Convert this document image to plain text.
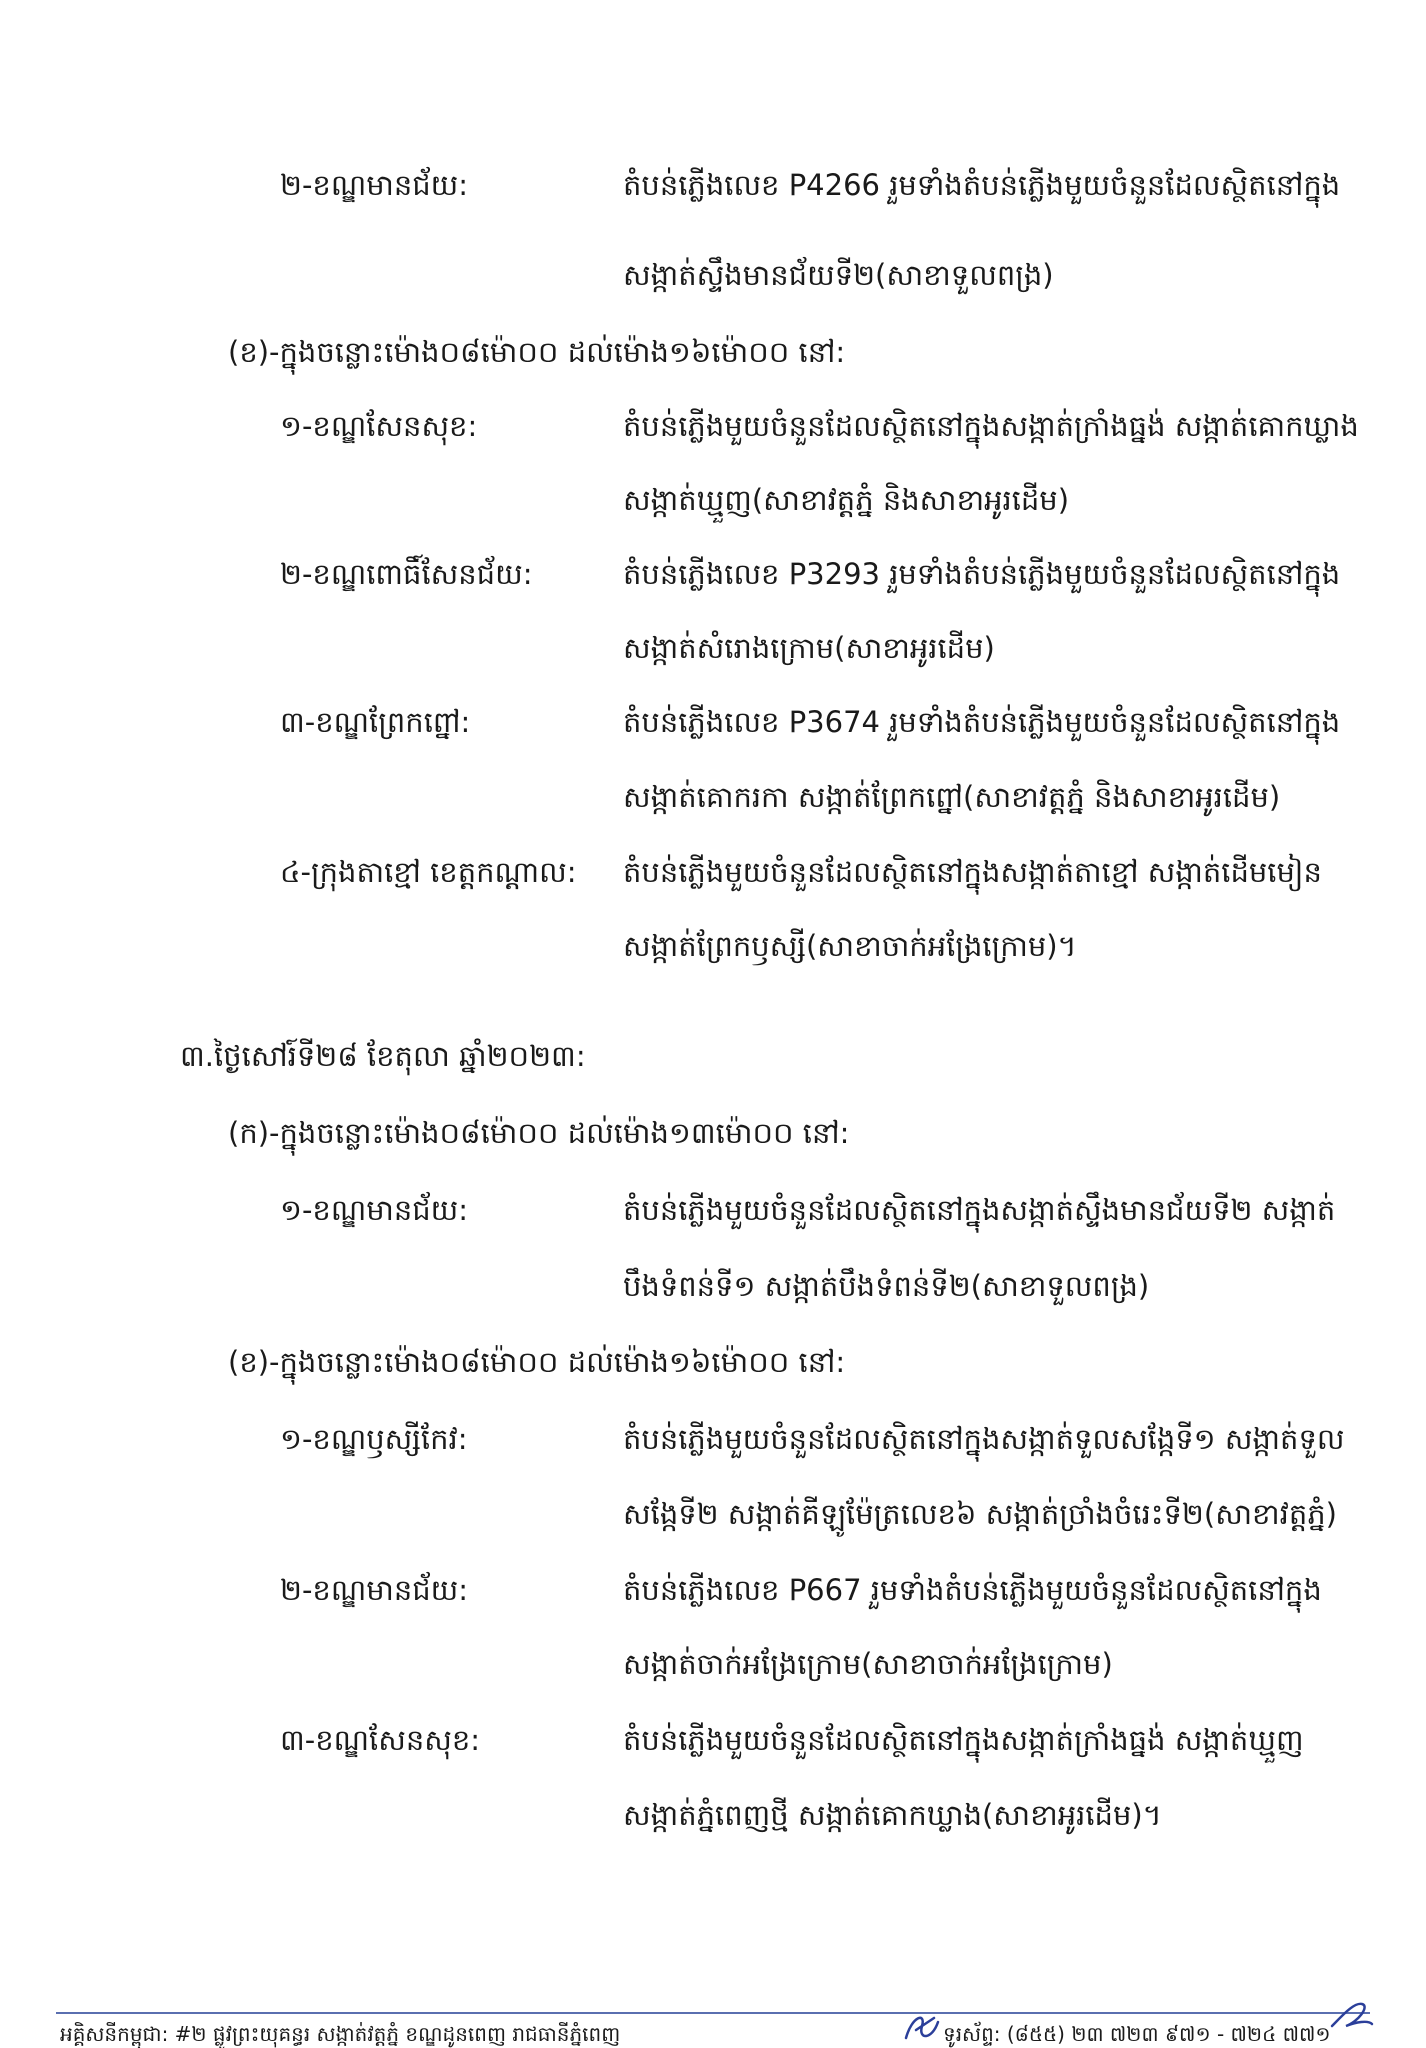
២-ខណ្ឌមានជ័យ:	តំបន់ភ្លើងលេខ P4266 រួមទាំងតំបន់ភ្លើងមួយចំនួនដែលស្ថិតនៅក្នុង
សង្កាត់ស្ទឹងមានជ័យទី២(សាខាទួលពង្រ)
(ខ)-ក្នុងចន្លោះម៉ោង០៨ម៉ោ០០ ដល់ម៉ោង១៦ម៉ោ០០ នៅ:
១-ខណ្ឌសែនសុខ:	តំបន់ភ្លើងមួយចំនួនដែលស្ថិតនៅក្នុងសង្កាត់ក្រាំងធ្នង់ សង្កាត់គោកឃ្លាង
សង្កាត់ឃ្មួញ(សាខាវត្តភ្នំ និងសាខាអូរដើម)
២-ខណ្ឌពោធិ៍សែនជ័យ:	តំបន់ភ្លើងលេខ P3293 រួមទាំងតំបន់ភ្លើងមួយចំនួនដែលស្ថិតនៅក្នុង
សង្កាត់សំរោងក្រោម(សាខាអូរដើម)
៣-ខណ្ឌព្រែកព្នៅ:	តំបន់ភ្លើងលេខ P3674 រួមទាំងតំបន់ភ្លើងមួយចំនួនដែលស្ថិតនៅក្នុង
សង្កាត់គោករកា សង្កាត់ព្រែកព្នៅ(សាខាវត្តភ្នំ និងសាខាអូរដើម)
៤-ក្រុងតាខ្មៅ ខេត្តកណ្ដាល: តំបន់ភ្លើងមួយចំនួនដែលស្ថិតនៅក្នុងសង្កាត់តាខ្មៅ សង្កាត់ដើមមៀន
សង្កាត់ព្រែកឫស្សី(សាខាចាក់អង្រែក្រោម)។
៣.ថ្ងៃសៅរ៍ទី២៨ ខែតុលា ឆ្នាំ២០២៣:
(ក)-ក្នុងចន្លោះម៉ោង០៨ម៉ោ០០ ដល់ម៉ោង១៣ម៉ោ០០ នៅ:
១-ខណ្ឌមានជ័យ:	តំបន់ភ្លើងមួយចំនួនដែលស្ថិតនៅក្នុងសង្កាត់ស្ទឹងមានជ័យទី២ សង្កាត់
បឹងទំពន់ទី១ សង្កាត់បឹងទំពន់ទី២(សាខាទួលពង្រ)
(ខ)-ក្នុងចន្លោះម៉ោង០៨ម៉ោ០០ ដល់ម៉ោង១៦ម៉ោ០០ នៅ:
១-ខណ្ឌឫស្សីកែវ:	តំបន់ភ្លើងមួយចំនួនដែលស្ថិតនៅក្នុងសង្កាត់ទួលសង្កែទី១ សង្កាត់ទួល
សង្កែទី២ សង្កាត់គីឡូម៉ែត្រលេខ៦ សង្កាត់ច្រាំងចំរេះទី២(សាខាវត្តភ្នំ)
២-ខណ្ឌមានជ័យ:	តំបន់ភ្លើងលេខ P667 រួមទាំងតំបន់ភ្លើងមួយចំនួនដែលស្ថិតនៅក្នុង
សង្កាត់ចាក់អង្រែក្រោម(សាខាចាក់អង្រែក្រោម)
៣-ខណ្ឌសែនសុខ:	តំបន់ភ្លើងមួយចំនួនដែលស្ថិតនៅក្នុងសង្កាត់ក្រាំងធ្នង់ សង្កាត់ឃ្មួញ
សង្កាត់ភ្នំពេញថ្មី សង្កាត់គោកឃ្លាង(សាខាអូរដើម)។
អគ្គិសនីកម្ពុជា: #២ ផ្លូវព្រះយុគន្ធរ សង្កាត់វត្តភ្នំ ខណ្ឌដូនពេញ រាជធានីភ្នំពេញ	ទូរស័ព្ទ: (៨៥៥) ២៣ ៧២៣ ៩៧១ - ៧២៤ ៧៧១
